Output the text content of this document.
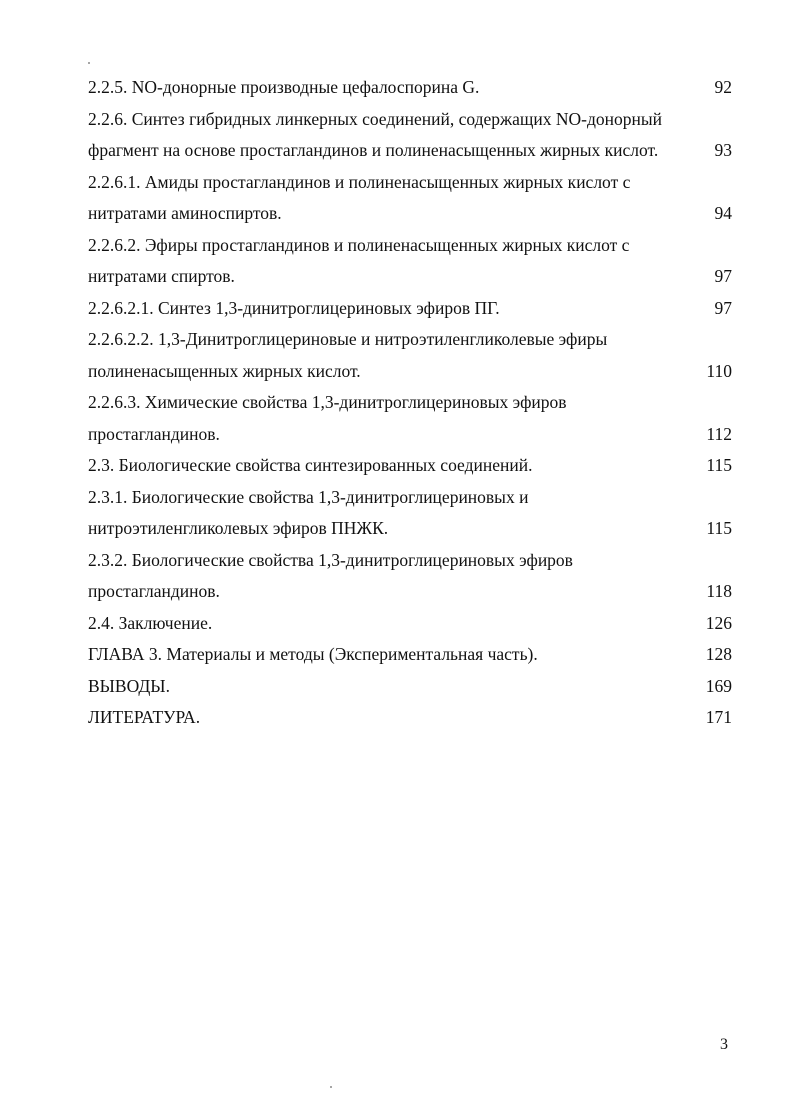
2.2.5. NO-донорные производные цефалоспорина G.	92
2.2.6. Синтез гибридных линкерных соединений, содержащих NO-донорный
фрагмент на основе простагландинов и полиненасыщенных жирных кислот.	93
2.2.6.1. Амиды простагландинов и полиненасыщенных жирных кислот с
нитратами аминоспиртов.	94
2.2.6.2. Эфиры простагландинов и полиненасыщенных жирных кислот с
нитратами спиртов.	97
2.2.6.2.1. Синтез 1,3-динитроглицериновых эфиров ПГ.	97
2.2.6.2.2. 1,3-Динитроглицериновые и нитроэтиленгликолевые эфиры
полиненасыщенных жирных кислот.	110
2.2.6.3. Химические свойства 1,3-динитроглицериновых эфиров
простагландинов.	112
2.3. Биологические свойства синтезированных соединений.	115
2.3.1. Биологические свойства 1,3-динитроглицериновых и
нитроэтиленгликолевых эфиров ПНЖК.	115
2.3.2. Биологические свойства 1,3-динитроглицериновых эфиров
простагландинов.	118
2.4. Заключение.	126
ГЛАВА 3. Материалы и методы (Экспериментальная часть).	128
ВЫВОДЫ.	169
ЛИТЕРАТУРА.	171
3
